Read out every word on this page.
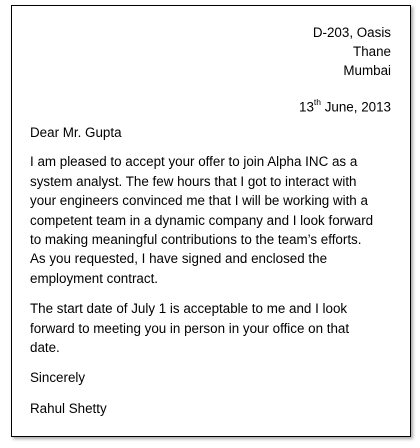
D-203, Oasis
Thane
Mumbai
13th June, 2013

Dear Mr. Gupta

I am pleased to accept your offer to join Alpha INC as a
system analyst. The few hours that I got to interact with
your engineers convinced me that I will be working with a
competent team in a dynamic company and I look forward
to making meaningful contributions to the team’s efforts.
As you requested, I have signed and enclosed the
employment contract.

The start date of July 1 is acceptable to me and I look
forward to meeting you in person in your office on that
date.

Sincerely

Rahul Shetty
